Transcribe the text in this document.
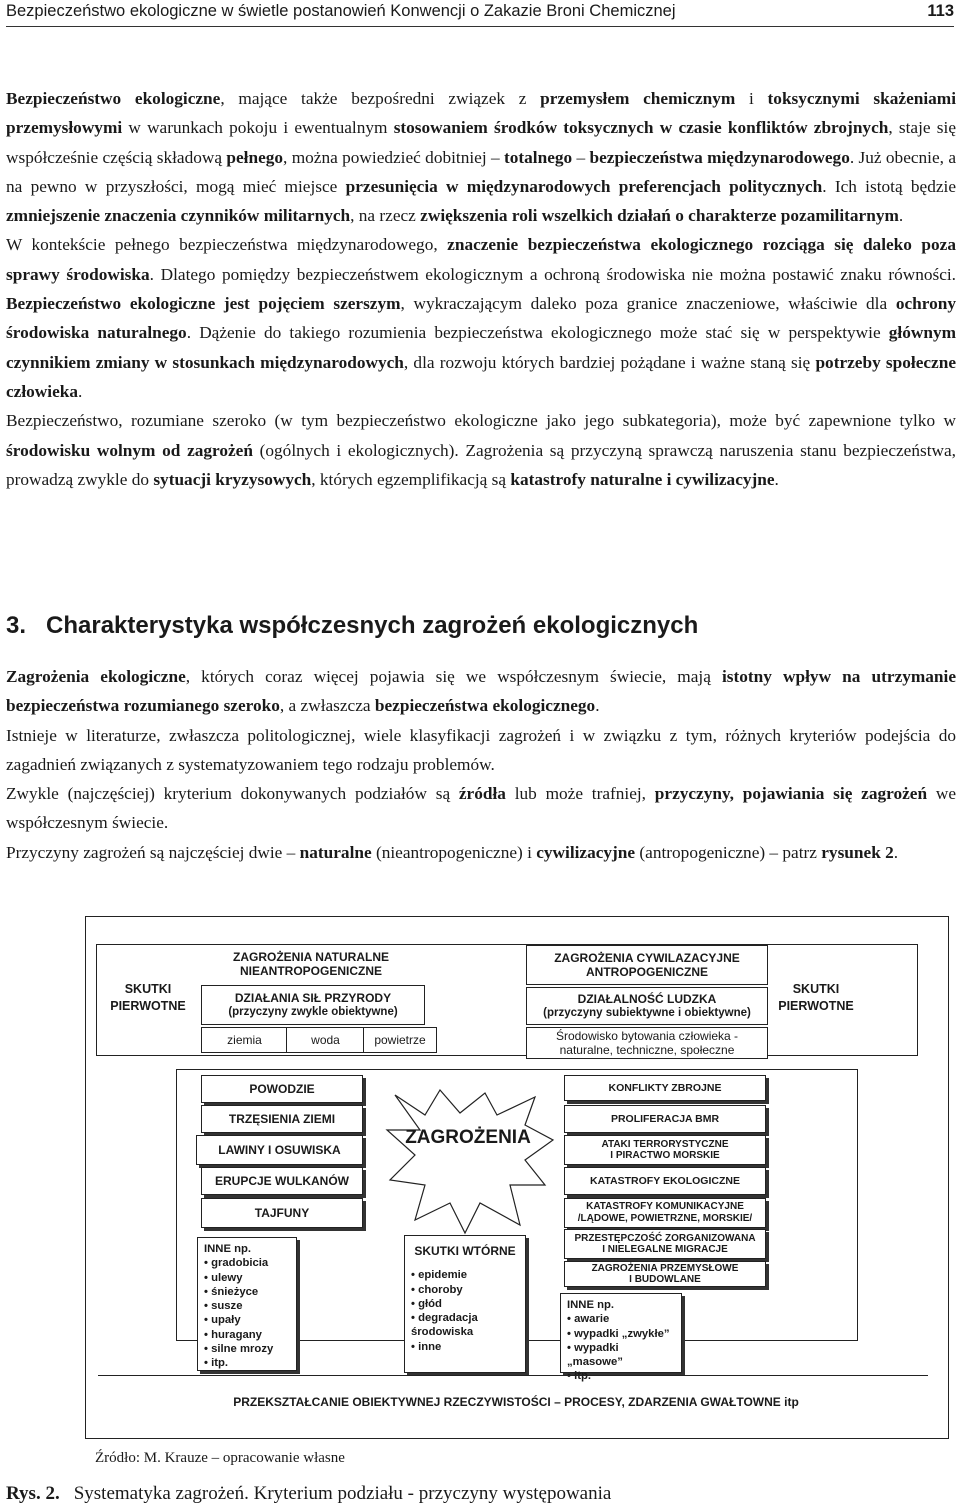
Bezpieczeństwo ekologiczne w świetle postanowień Konwencji o Zakazie Broni Chemicznej	113

Bezpieczeństwo ekologiczne, mające także bezpośredni związek z przemysłem chemicznym i toksycznymi skażeniami przemysłowymi w warunkach pokoju i ewentualnym stosowaniem środków toksycznych w czasie konfliktów zbrojnych, staje się współcześnie częścią składową pełnego, można powiedzieć dobitniej – totalnego – bezpieczeństwa międzynarodowego. Już obecnie, a na pewno w przyszłości, mogą mieć miejsce przesunięcia w międzynarodowych preferencjach politycznych. Ich istotą będzie zmniejszenie znaczenia czynników militarnych, na rzecz zwiększenia roli wszelkich działań o charakterze pozamilitarnym.

W kontekście pełnego bezpieczeństwa międzynarodowego, znaczenie bezpieczeństwa ekologicznego rozciąga się daleko poza sprawy środowiska. Dlatego pomiędzy bezpieczeństwem ekologicznym a ochroną środowiska nie można postawić znaku równości. Bezpieczeństwo ekologiczne jest pojęciem szerszym, wykraczającym daleko poza granice znaczeniowe, właściwie dla ochrony środowiska naturalnego. Dążenie do takiego rozumienia bezpieczeństwa ekologicznego może stać się w perspektywie głównym czynnikiem zmiany w stosunkach międzynarodowych, dla rozwoju których bardziej pożądane i ważne staną się potrzeby społeczne człowieka.

Bezpieczeństwo, rozumiane szeroko (w tym bezpieczeństwo ekologiczne jako jego subkategoria), może być zapewnione tylko w środowisku wolnym od zagrożeń (ogólnych i ekologicznych). Zagrożenia są przyczyną sprawczą naruszenia stanu bezpieczeństwa, prowadzą zwykle do sytuacji kryzysowych, których egzemplifikacją są katastrofy naturalne i cywilizacyjne.

3.   Charakterystyka współczesnych zagrożeń ekologicznych

Zagrożenia ekologiczne, których coraz więcej pojawia się we współczesnym świecie, mają istotny wpływ na utrzymanie bezpieczeństwa rozumianego szeroko, a zwłaszcza bezpieczeństwa ekologicznego.

Istnieje w literaturze, zwłaszcza politologicznej, wiele klasyfikacji zagrożeń i w związku z tym, różnych kryteriów podejścia do zagadnień związanych z systematyzowaniem tego rodzaju problemów.

Zwykle (najczęściej) kryterium dokonywanych podziałów są źródła lub może trafniej, przyczyny, pojawiania się zagrożeń we współczesnym świecie.

Przyczyny zagrożeń są najczęściej dwie – naturalne (nieantropogeniczne) i cywilizacyjne (antropogeniczne) – patrz rysunek 2.

SKUTKI
PIERWOTNE
SKUTKI
PIERWOTNE
ZAGROŻENIA NATURALNE
NIEANTROPOGENICZNE
DZIAŁANIA SIŁ PRZYRODY
(przyczyny zwykle obiektywne)
ziemia	woda	powietrze
ZAGROŻENIA CYWILAZACYJNE
ANTROPOGENICZNE
DZIAŁALNOŚĆ LUDZKA
(przyczyny subiektywne i obiektywne)
Środowisko bytowania człowieka -
naturalne, techniczne, społeczne
POWODZIE
TRZĘSIENIA ZIEMI
LAWINY I OSUWISKA
ERUPCJE WULKANÓW
TAJFUNY
INNE np.
• gradobicia
• ulewy
• śnieżyce
• susze
• upały
• huragany
• silne mrozy
• itp.
SKUTKI WTÓRNE
• epidemie
• choroby
• głód
• degradacja
środowiska
• inne
KONFLIKTY ZBROJNE
PROLIFERACJA BMR
ATAKI TERRORYSTYCZNE
I PIRACTWO MORSKIE
KATASTROFY EKOLOGICZNE
KATASTROFY KOMUNIKACYJNE
/LĄDOWE, POWIETRZNE, MORSKIE/
PRZESTĘPCZOŚĆ ZORGANIZOWANA
I NIELEGALNE MIGRACJE
ZAGROŻENIA PRZEMYSŁOWE
I BUDOWLANE
INNE np.
• awarie
• wypadki „zwykłe”
• wypadki „masowe”
• itp.
PRZEKSZTAŁCANIE OBIEKTYWNEJ RZECZYWISTOŚCI – PROCESY, ZDARZENIA GWAŁTOWNE itp
ZAGROŻENIA
Źródło: M. Krauze – opracowanie własne
Rys. 2. Systematyka zagrożeń. Kryterium podziału - przyczyny występowania
